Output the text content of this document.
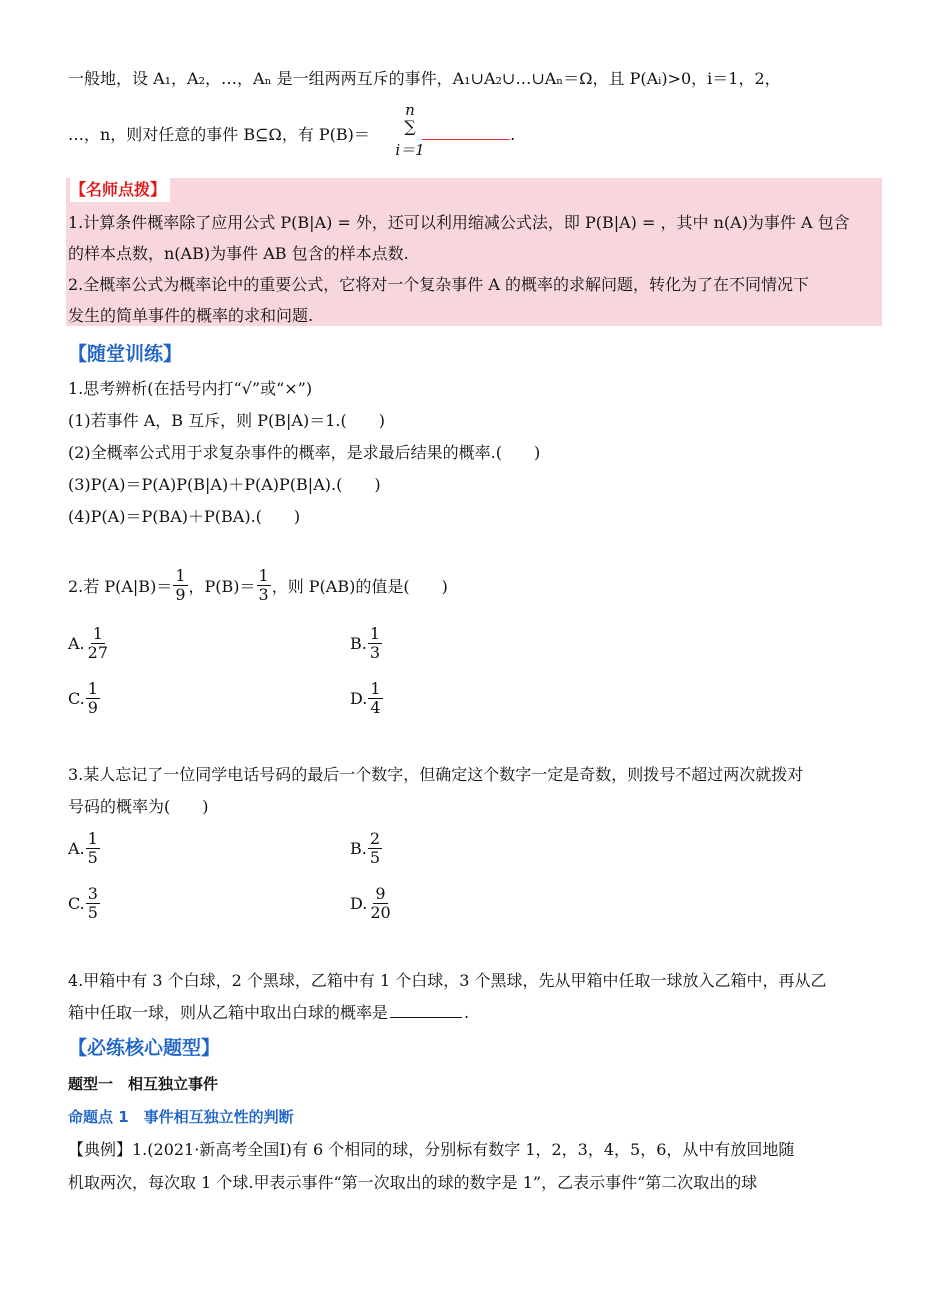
一般地，设 A₁，A₂，…，Aₙ 是一组两两互斥的事件，A₁∪A₂∪…∪Aₙ＝Ω，且 P(Aᵢ)>0，i＝1，2，
…，n，则对任意的事件 B⊆Ω，有 P(B)＝	.
n
∑
i＝1
【名师点拨】
1.计算条件概率除了应用公式 P(B|A) = 外，还可以利用缩减公式法，即 P(B|A) = ，其中 n(A)为事件 A 包含
的样本点数，n(AB)为事件 AB 包含的样本点数.
2.全概率公式为概率论中的重要公式，它将对一个复杂事件 A 的概率的求解问题，转化为了在不同情况下
发生的简单事件的概率的求和问题.
【随堂训练】
1.思考辨析(在括号内打“√”或“×”)
(1)若事件 A，B 互斥，则 P(B|A)＝1.(　　)
(2)全概率公式用于求复杂事件的概率，是求最后结果的概率.(　　)
(3)P(A)＝P(A)P(B|A)＋P(A)P(B|A).(　　)
(4)P(A)＝P(BA)＋P(BA).(　　)
2.若 $P(A|B)= \frac{1}{9}$ ，$P(B)= \frac{1}{3}$ ，则 P(AB)的值是(　　)
A. $\frac{1}{27}$	B. $\frac{1}{3}$
C. $\frac{1}{9}$	D. $\frac{1}{4}$
3.某人忘记了一位同学电话号码的最后一个数字，但确定这个数字一定是奇数，则拨号不超过两次就拨对
号码的概率为(　　)
A. $\frac{1}{5}$	B. $\frac{2}{5}$
C. $\frac{3}{5}$	D. $\frac{9}{20}$
4.甲箱中有 3 个白球，2 个黑球，乙箱中有 1 个白球，3 个黑球，先从甲箱中任取一球放入乙箱中，再从乙
箱中任取一球，则从乙箱中取出白球的概率是	.
【必练核心题型】
题型一　相互独立事件
命题点 1　事件相互独立性的判断
【典例】1.(2021·新高考全国Ⅰ)有 6 个相同的球，分别标有数字 1，2，3，4，5，6，从中有放回地随
机取两次，每次取 1 个球.甲表示事件“第一次取出的球的数字是 1”，乙表示事件“第二次取出的球
